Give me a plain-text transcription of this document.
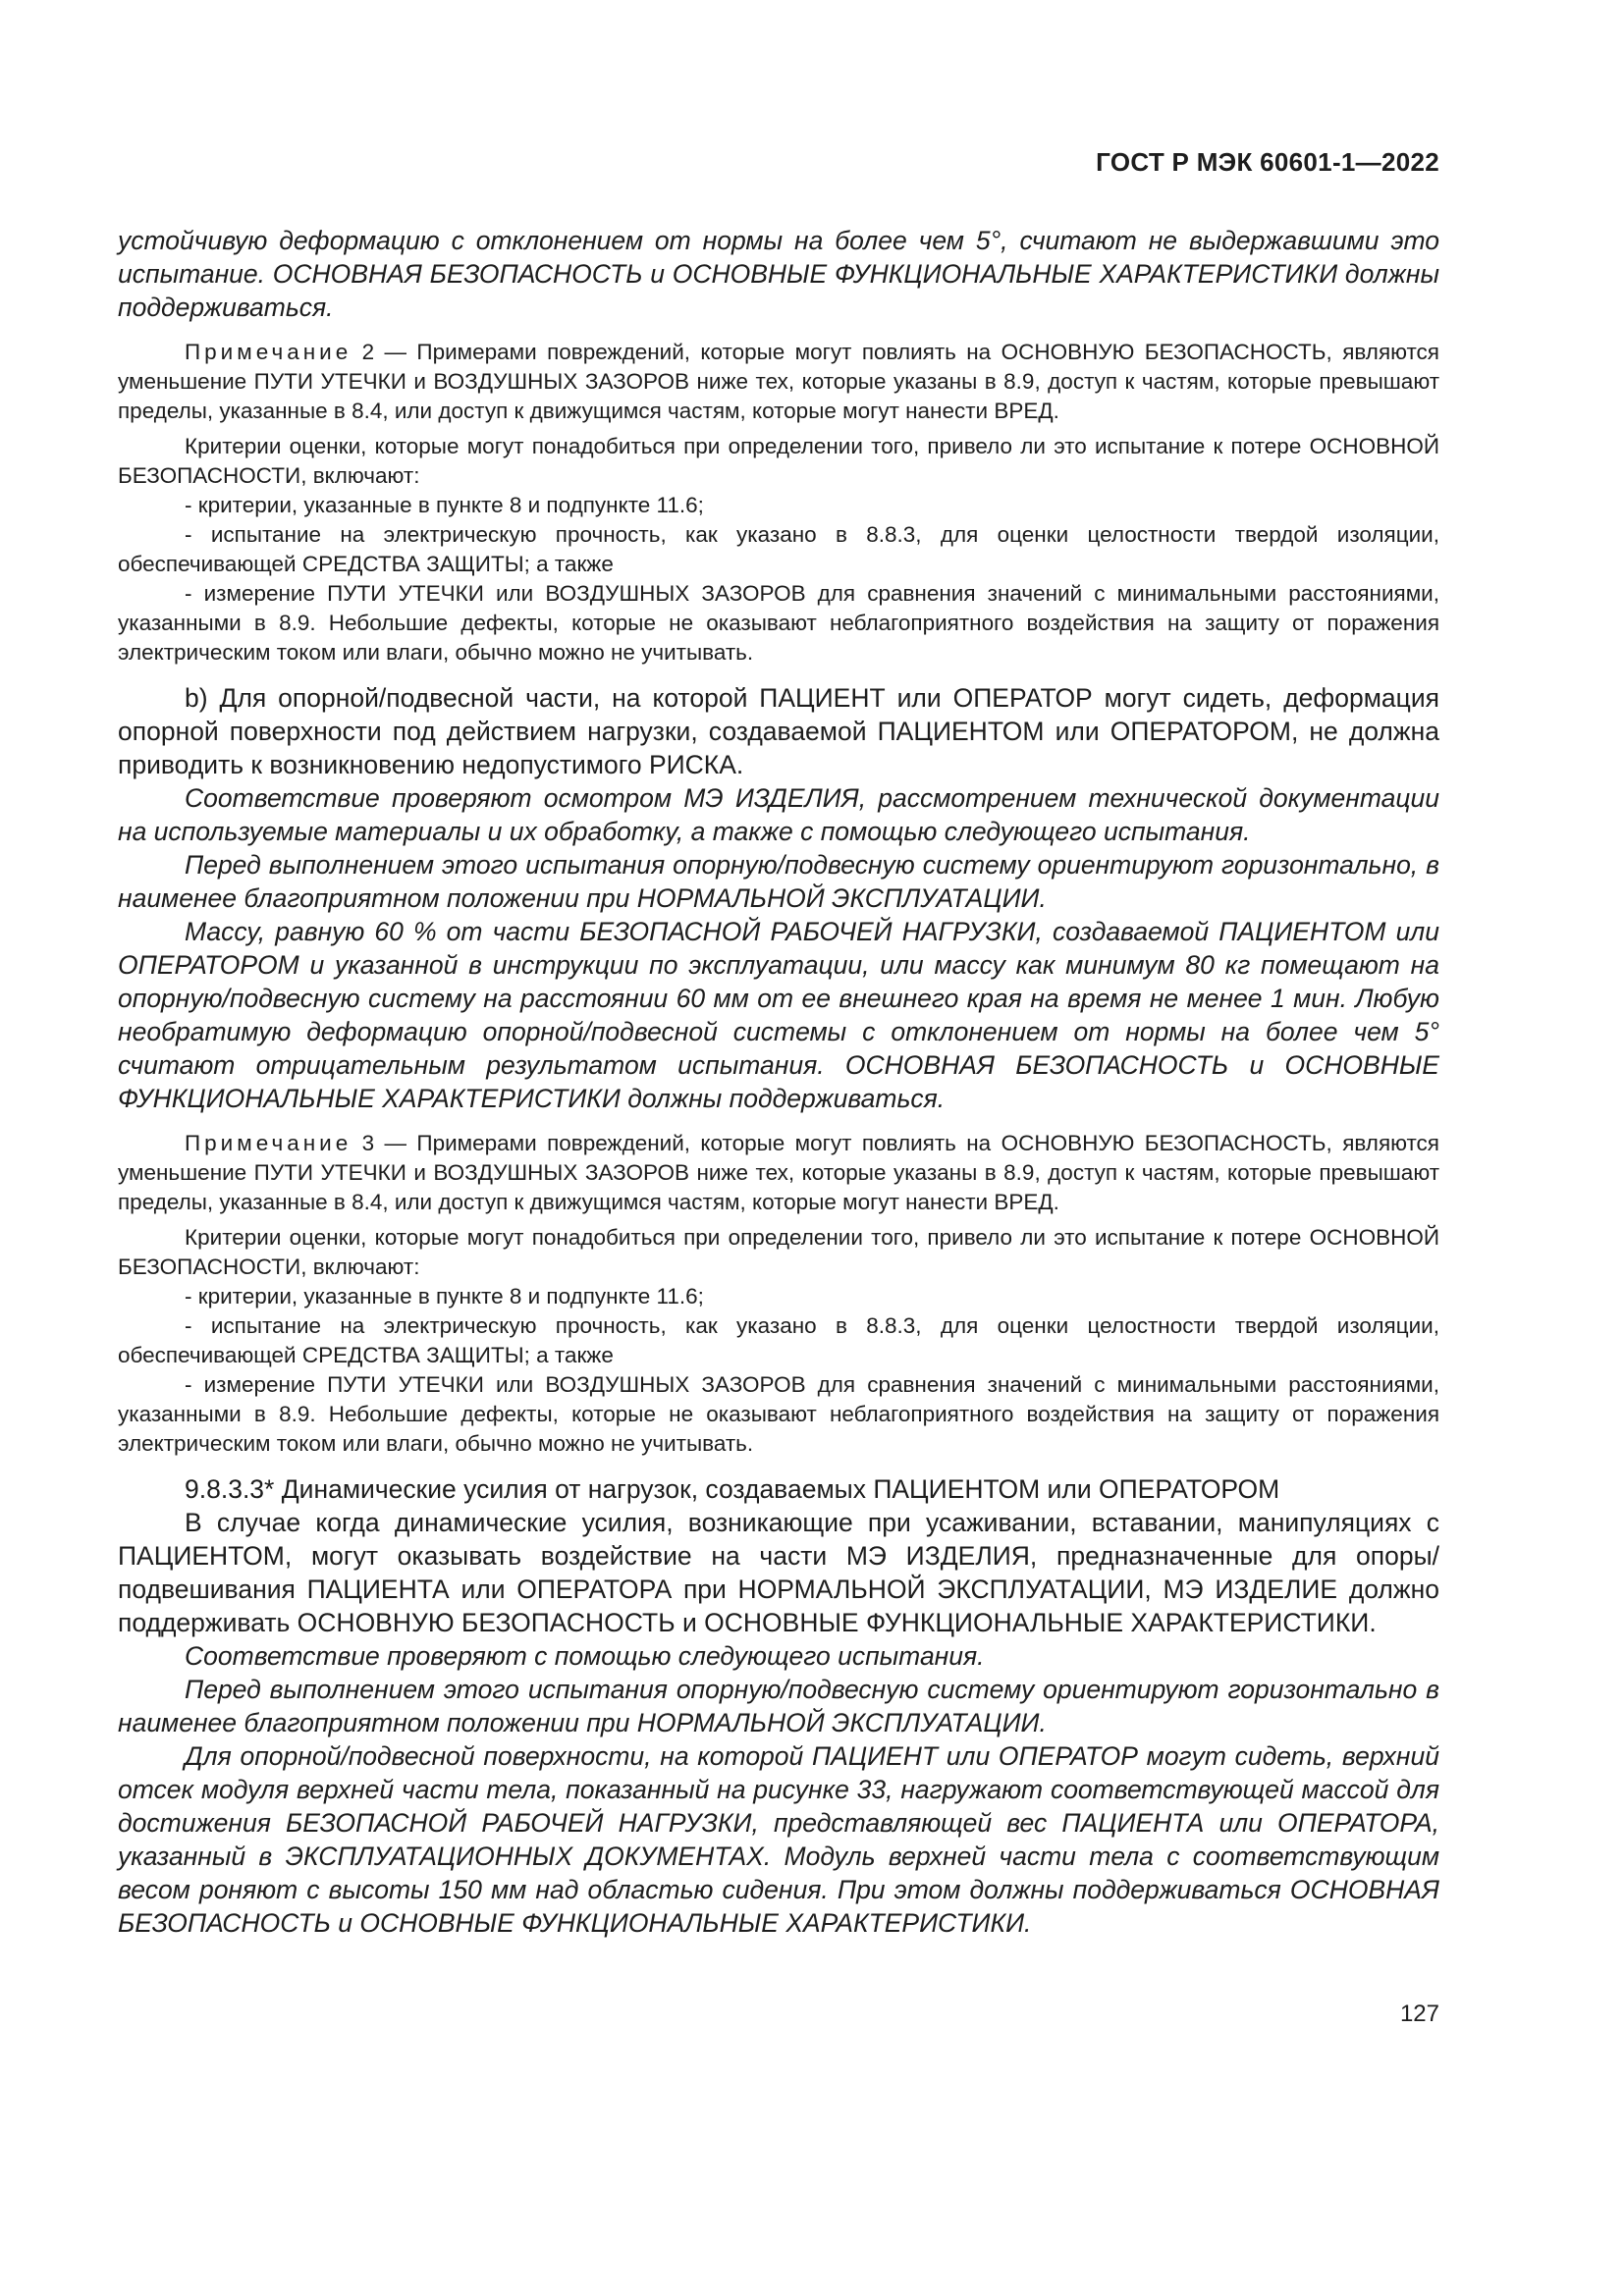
ГОСТ Р МЭК 60601-1—2022

устойчивую деформацию с отклонением от нормы на более чем 5°, считают не выдержавшими это испытание. ОСНОВНАЯ БЕЗОПАСНОСТЬ и ОСНОВНЫЕ ФУНКЦИОНАЛЬНЫЕ ХАРАКТЕРИСТИКИ должны поддерживаться.

Примечание 2 — Примерами повреждений, которые могут повлиять на ОСНОВНУЮ БЕЗОПАСНОСТЬ, являются уменьшение ПУТИ УТЕЧКИ и ВОЗДУШНЫХ ЗАЗОРОВ ниже тех, которые указаны в 8.9, доступ к частям, которые превышают пределы, указанные в 8.4, или доступ к движущимся частям, которые могут нанести ВРЕД.

Критерии оценки, которые могут понадобиться при определении того, привело ли это испытание к потере ОСНОВНОЙ БЕЗОПАСНОСТИ, включают:

- критерии, указанные в пункте 8 и подпункте 11.6;

- испытание на электрическую прочность, как указано в 8.8.3, для оценки целостности твердой изоляции, обеспечивающей СРЕДСТВА ЗАЩИТЫ; а также

- измерение ПУТИ УТЕЧКИ или ВОЗДУШНЫХ ЗАЗОРОВ для сравнения значений с минимальными расстояниями, указанными в 8.9. Небольшие дефекты, которые не оказывают неблагоприятного воздействия на защиту от поражения электрическим током или влаги, обычно можно не учитывать.

b) Для опорной/подвесной части, на которой ПАЦИЕНТ или ОПЕРАТОР могут сидеть, деформация опорной поверхности под действием нагрузки, создаваемой ПАЦИЕНТОМ или ОПЕРАТОРОМ, не должна приводить к возникновению недопустимого РИСКА.

Соответствие проверяют осмотром МЭ ИЗДЕЛИЯ, рассмотрением технической документации на используемые материалы и их обработку, а также с помощью следующего испытания.

Перед выполнением этого испытания опорную/подвесную систему ориентируют горизонтально, в наименее благоприятном положении при НОРМАЛЬНОЙ ЭКСПЛУАТАЦИИ.

Массу, равную 60 % от части БЕЗОПАСНОЙ РАБОЧЕЙ НАГРУЗКИ, создаваемой ПАЦИЕНТОМ или ОПЕРАТОРОМ и указанной в инструкции по эксплуатации, или массу как минимум 80 кг помещают на опорную/подвесную систему на расстоянии 60 мм от ее внешнего края на время не менее 1 мин. Любую необратимую деформацию опорной/подвесной системы с отклонением от нормы на более чем 5° считают отрицательным результатом испытания. ОСНОВНАЯ БЕЗОПАСНОСТЬ и ОСНОВНЫЕ ФУНКЦИОНАЛЬНЫЕ ХАРАКТЕРИСТИКИ должны поддерживаться.

Примечание 3 — Примерами повреждений, которые могут повлиять на ОСНОВНУЮ БЕЗОПАСНОСТЬ, являются уменьшение ПУТИ УТЕЧКИ и ВОЗДУШНЫХ ЗАЗОРОВ ниже тех, которые указаны в 8.9, доступ к частям, которые превышают пределы, указанные в 8.4, или доступ к движущимся частям, которые могут нанести ВРЕД.

Критерии оценки, которые могут понадобиться при определении того, привело ли это испытание к потере ОСНОВНОЙ БЕЗОПАСНОСТИ, включают:

- критерии, указанные в пункте 8 и подпункте 11.6;

- испытание на электрическую прочность, как указано в 8.8.3, для оценки целостности твердой изоляции, обеспечивающей СРЕДСТВА ЗАЩИТЫ; а также

- измерение ПУТИ УТЕЧКИ или ВОЗДУШНЫХ ЗАЗОРОВ для сравнения значений с минимальными расстояниями, указанными в 8.9. Небольшие дефекты, которые не оказывают неблагоприятного воздействия на защиту от поражения электрическим током или влаги, обычно можно не учитывать.

9.8.3.3* Динамические усилия от нагрузок, создаваемых ПАЦИЕНТОМ или ОПЕРАТОРОМ

В случае когда динамические усилия, возникающие при усаживании, вставании, манипуляциях с ПАЦИЕНТОМ, могут оказывать воздействие на части МЭ ИЗДЕЛИЯ, предназначенные для опоры/подвешивания ПАЦИЕНТА или ОПЕРАТОРА при НОРМАЛЬНОЙ ЭКСПЛУАТАЦИИ, МЭ ИЗДЕЛИЕ должно поддерживать ОСНОВНУЮ БЕЗОПАСНОСТЬ и ОСНОВНЫЕ ФУНКЦИОНАЛЬНЫЕ ХАРАКТЕРИСТИКИ.

Соответствие проверяют с помощью следующего испытания.

Перед выполнением этого испытания опорную/подвесную систему ориентируют горизонтально в наименее благоприятном положении при НОРМАЛЬНОЙ ЭКСПЛУАТАЦИИ.

Для опорной/подвесной поверхности, на которой ПАЦИЕНТ или ОПЕРАТОР могут сидеть, верхний отсек модуля верхней части тела, показанный на рисунке 33, нагружают соответствующей массой для достижения БЕЗОПАСНОЙ РАБОЧЕЙ НАГРУЗКИ, представляющей вес ПАЦИЕНТА или ОПЕРАТОРА, указанный в ЭКСПЛУАТАЦИОННЫХ ДОКУМЕНТАХ. Модуль верхней части тела с соответствующим весом роняют с высоты 150 мм над областью сидения. При этом должны поддерживаться ОСНОВНАЯ БЕЗОПАСНОСТЬ и ОСНОВНЫЕ ФУНКЦИОНАЛЬНЫЕ ХАРАКТЕРИСТИКИ.

127
